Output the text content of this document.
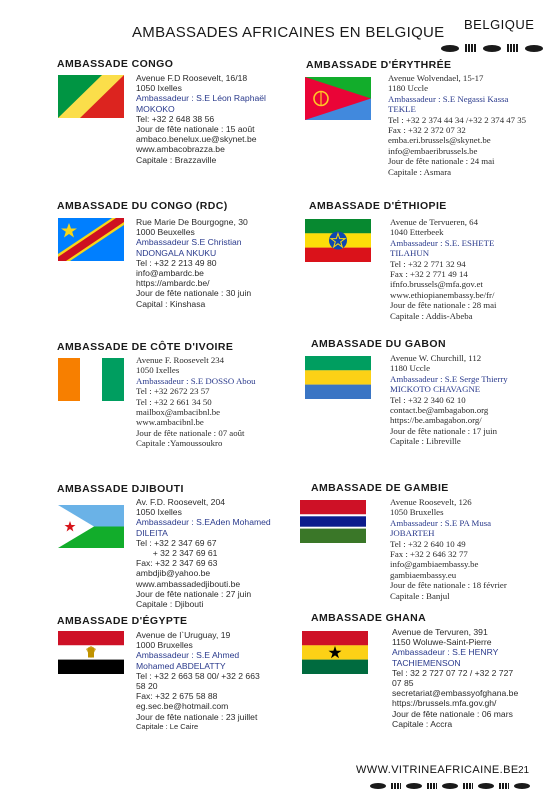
AMBASSADES AFRICAINES EN BELGIQUE BELGIQUE
AMBASSADE CONGO
Avenue F.D Roosevelt, 16/18
1050 Ixelles
Ambassadeur : S.E Léon Raphaël
MOKOKO
Tel: +32 2 648 38 56
Jour de fête nationale : 15 août
ambaco.benelux.ue@skynet.be
www.ambacobrazza.be
Capitale : Brazzaville
AMBASSADE D'ÉRYTHRÉE
Avenue Wolvendael, 15-17
1180 Uccle
Ambassadeur : S.E Negassi Kassa
TEKLE
Tel : +32 2 374 44 34 /+32 2 374 47 35
Fax : +32 2 372 07 32
emba.eri.brussels@skynet.be
info@embaeribrussels.be
Jour de fête nationale : 24 mai
Capitale : Asmara
AMBASSADE DU CONGO (RDC)
Rue Marie De Bourgogne, 30
1000 Beuxelles
Ambassadeur S.E Christian
NDONGALA NKUKU
Tel : +32 2 213 49 80
info@ambardc.be
https://ambardc.be/
Jour de fête nationale : 30 juin
Capital : Kinshasa
AMBASSADE D'ÉTHIOPIE
Avenue de Tervueren, 64
1040 Etterbeek
Ambassadeur : S.E. ESHETE
TILAHUN
Tel : +32 2 771 32 94
Fax : +32 2 771 49 14
ifnfo.brussels@mfa.gov.et
www.ethiopianembassy.be/fr/
Jour de fête nationale : 28 mai
Capitale : Addis-Abeba
AMBASSADE DE CÔTE D'IVOIRE
Avenue F. Roosevelt 234
1050 Ixelles
Ambassadeur : S.E DOSSO Abou
Tel : +32 2672 23 57
Tel : +32 2 661 34 50
mailbox@ambacibnl.be
www.ambacibnl.be
Jour de fête nationale : 07 août
Capitale :Yamoussoukro
AMBASSADE DU GABON
Avenue W. Churchill, 112
1180 Uccle
Ambassadeur : S.E Serge Thierry
MICKOTO CHAVAGNE
Tel : +32 2 340 62 10
contact.be@ambagabon.org
https://be.ambagabon.org/
Jour de fête nationale : 17 juin
Capitale : Libreville
AMBASSADE DJIBOUTI
Av. F.D. Roosevelt, 204
1050 Ixelles
Ambassadeur : S.EAden Mohamed
DILEITA
Tel : +32 2 347 69 67
+ 32 2 347 69 61
Fax: +32 2 347 69 63
ambdjib@yahoo.be
www.ambassadedjibouti.be
Jour de fête nationale : 27 juin
Capitale : Djibouti
AMBASSADE DE GAMBIE
Avenue Roosevelt, 126
1050 Bruxelles
Ambassadeur : S.E PA Musa
JOBARTEH
Tel : +32 2 640 10 49
Fax : +32 2 646 32 77
info@gambiaembassy.be
gambiaembassy.eu
Jour de fête nationale : 18 février
Capitale : Banjul
AMBASSADE D'ÉGYPTE
Avenue de l`Uruguay, 19
1000 Bruxelles
Ambassadeur : S.E Ahmed
Mohamed ABDELATTY
Tel : +32 2 663 58 00/ +32 2 663
58 20
Fax: +32 2 675 58 88
eg.sec.be@hotmail.com
Jour de fête nationale : 23 juillet
Capitale : Le Caire
AMBASSADE GHANA
Avenue de Tervuren, 391
1150 Woluwe-Saint-Pierre
Ambassadeur : S.E HENRY
TACHIEMENSON
Tel : 32 2 727 07 72 / +32 2 727
07 85
secretariat@embassyofghana.be
https://brussels.mfa.gov.gh/
Jour de fête nationale : 06 mars
Capitale : Accra
WWW.VITRINEAFRICAINE.BE 21
